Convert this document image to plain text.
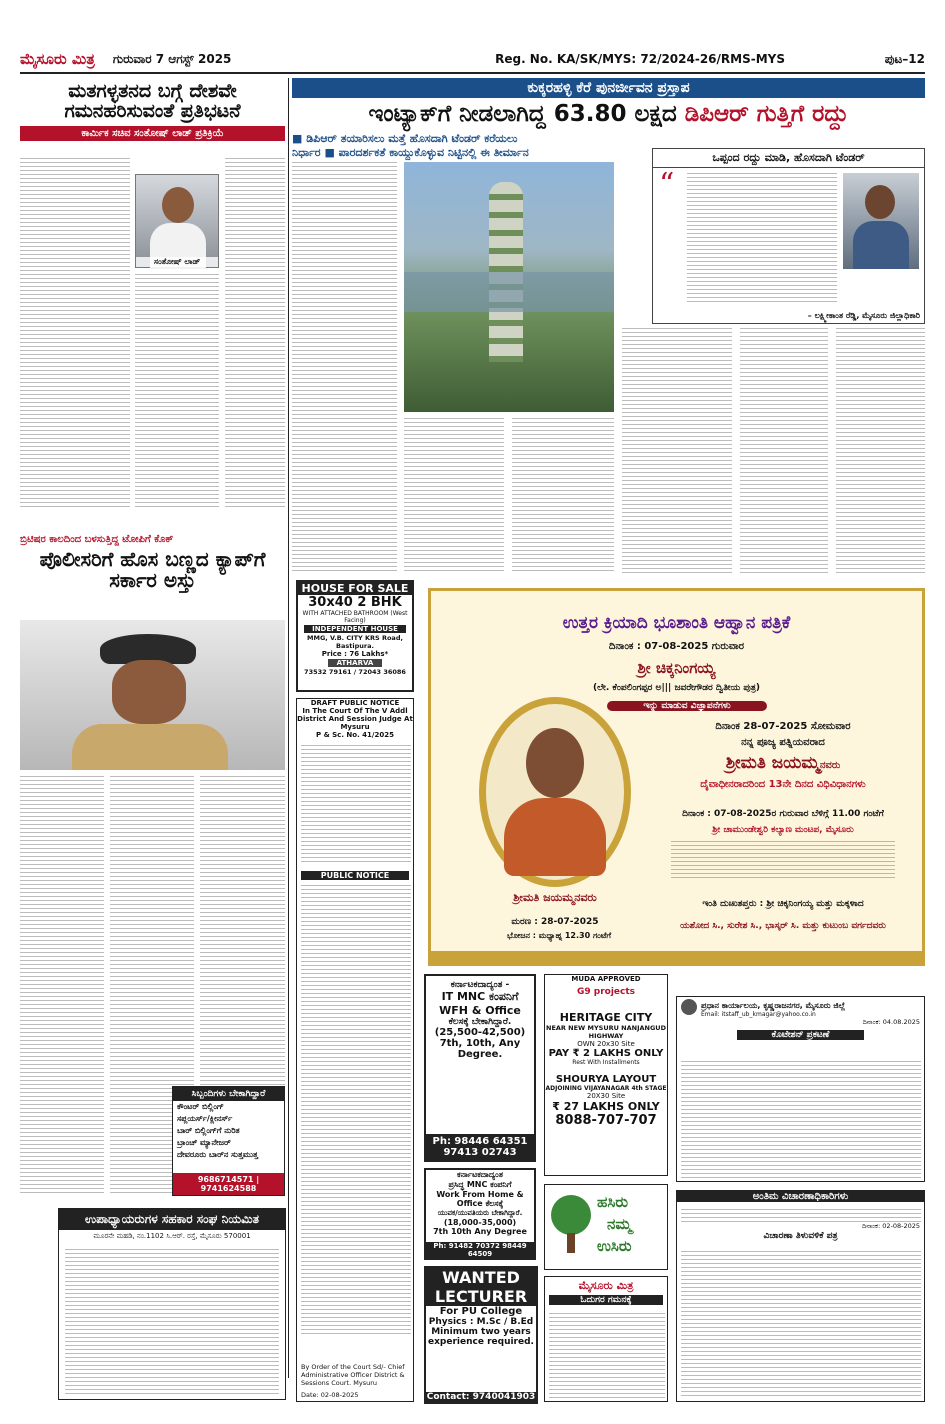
ಮೈಸೂರು ಮಿತ್ರ ಗುರುವಾರ 7 ಆಗಸ್ಟ್ 2025	Reg. No. KA/SK/MYS: 72/2024-26/RMS-MYS	ಪುಟ–12
ಮತಗಳ್ಳತನದ ಬಗ್ಗೆ ದೇಶವೇ ಗಮನಹರಿಸುವಂತೆ ಪ್ರತಿಭಟನೆ
ಕಾರ್ಮಿಕ ಸಚಿವ ಸಂತೋಷ್ ಲಾಡ್ ಪ್ರತಿಕ್ರಿಯೆ
ಸಂತೋಷ್ ಲಾಡ್
ಕುಕ್ಕರಹಳ್ಳಿ ಕೆರೆ ಪುನರ್ಜೀವನ ಪ್ರಸ್ತಾಪ
ಇಂಟ್ಯಾಕ್‌ಗೆ ನೀಡಲಾಗಿದ್ದ 63.80 ಲಕ್ಷದ ಡಿಪಿಆರ್ ಗುತ್ತಿಗೆ ರದ್ದು
■ ಡಿಪಿಆರ್ ತಯಾರಿಸಲು ಮತ್ತೆ ಹೊಸದಾಗಿ ಟೆಂಡರ್ ಕರೆಯಲು
ನಿರ್ಧಾರ ■ ಪಾರದರ್ಶಕತೆ ಕಾಯ್ದುಕೊಳ್ಳುವ ನಿಟ್ಟಿನಲ್ಲಿ ಈ ತೀರ್ಮಾನ	ಒಪ್ಪಂದ ರದ್ದು ಮಾಡಿ, ಹೊಸದಾಗಿ ಟೆಂಡರ್
“
– ಲಕ್ಷ್ಮೀಕಾಂತ ರೆಡ್ಡಿ, ಮೈಸೂರು ಜಿಲ್ಲಾಧಿಕಾರಿ
ಬ್ರಿಟಿಷರ ಕಾಲದಿಂದ ಬಳಸುತ್ತಿದ್ದ ಟೋಪಿಗೆ ಕೊಕ್
ಪೊಲೀಸರಿಗೆ ಹೊಸ ಬಣ್ಣದ ಕ್ಯಾಪ್‌ಗೆ ಸರ್ಕಾರ ಅಸ್ತು
ಸಿಬ್ಬಂದಿಗಳು ಬೇಕಾಗಿದ್ದಾರೆ
ಕೌಂಟರ್ ಬಿಲ್ಲಿಂಗ್
ಸಪ್ಲಯರ್ಸ್/ಕ್ಲೀನರ್ಸ್
ಬಾರ್ ಬಿಲ್ಲಿಂಗ್‌ಗೆ ನುರಿತ
ಬ್ರಾಂಚ್ ಮ್ಯಾನೇಜರ್
ದೇವರೂರು ಬಾರ್‌ನ ಸುತ್ತಮುತ್ತ
9686714571 | 9741624588
ಉಪಾಧ್ಯಾಯರುಗಳ ಸಹಕಾರ ಸಂಘ ನಿಯಮಿತ
ಮೂರನೇ ಮಹಡಿ, ನಂ.1102 ಸಿ.ಆರ್. ರಸ್ತೆ, ಮೈಸೂರು 570001
HOUSE FOR SALE
30x40 2 BHK
WITH ATTACHED BATHROOM (West Facing)
INDEPENDENT HOUSE
MMG, V.B. CITY KRS Road, Bastipura.
Price : 76 Lakhs*
ATHARVA
73532 79161 / 72043 36086
DRAFT PUBLIC NOTICE
In The Court Of The V Addl District And Session Judge At Mysuru
P & Sc. No. 41/2025
PUBLIC NOTICE
By Order of the Court Sd/- Chief Administrative Officer District & Sessions Court. Mysuru
Date: 02-08-2025
ಉತ್ತರ ಕ್ರಿಯಾದಿ ಭೂಶಾಂತಿ ಆಹ್ವಾನ ಪತ್ರಿಕೆ
ದಿನಾಂಕ : 07-08-2025 ಗುರುವಾರ
ಶ್ರೀ ಚಿಕ್ಕನಿಂಗಯ್ಯ
(ಲೇ. ಕೆಂಪಲಿಂಗಪ್ಪರ ಅ||| ಜವರೇಗೌಡರ ದ್ವಿತೀಯ ಪುತ್ರ)
ಇನ್ನು ಮಾಡುವ ವಿಜ್ಞಾಪನೆಗಳು
ಶ್ರೀಮತಿ ಜಯಮ್ಮನವರು
ಮರಣ : 28-07-2025
ದಿನಾಂಕ 28-07-2025 ಸೋಮವಾರ
ನನ್ನ ಪೂಜ್ಯ ಪತ್ನಿಯವರಾದ
ಶ್ರೀಮತಿ ಜಯಮ್ಮನವರು
ದೈವಾಧೀನರಾದರಿಂದ 13ನೇ ದಿನದ ವಿಧಿವಿಧಾನಗಳು
ದಿನಾಂಕ : 07-08-2025ರ ಗುರುವಾರ ಬೆಳಿಗ್ಗೆ 11.00 ಗಂಟೆಗೆ
ಶ್ರೀ ಚಾಮುಂಡೇಶ್ವರಿ ಕಲ್ಯಾಣ ಮಂಟಪ, ಮೈಸೂರು
ಇಂತಿ ದುಃಖತಪ್ತರು : ಶ್ರೀ ಚಿಕ್ಕನಿಂಗಯ್ಯ ಮತ್ತು ಮಕ್ಕಳಾದ
ಭೋಜನ : ಮಧ್ಯಾಹ್ನ 12.30 ಗಂಟೆಗೆ
ಯಶೋದ ಸಿ., ಸುರೇಶ ಸಿ., ಭಾಸ್ಕರ್ ಸಿ. ಮತ್ತು ಕುಟುಂಬ ವರ್ಗದವರು
ಕರ್ನಾಟಕದಾದ್ಯಂತ -
IT MNC ಕಂಪನಿಗೆ
WFH & Office
ಕೆಲಸಕ್ಕೆ ಬೇಕಾಗಿದ್ದಾರೆ.
(25,500-42,500)
7th, 10th, Any Degree.
Ph: 98446 64351 97413 02743
ಕರ್ನಾಟಕದಾದ್ಯಂತ
ಪ್ರಸಿದ್ಧ MNC ಕಂಪನಿಗೆ
Work From Home & Office ಕೆಲಸಕ್ಕೆ
ಯುವಕ/ಯುವತಿಯರು ಬೇಕಾಗಿದ್ದಾರೆ.
(18,000-35,000)
7th 10th Any Degree
Ph: 91482 70372 98449 64509
WANTED
LECTURER
For PU College
Physics : M.Sc / B.Ed
Minimum two years experience required.
Contact: 9740041903
MUDA APPROVED
G9 projects
HERITAGE CITY
NEAR NEW MYSURU NANJANGUD HIGHWAY
OWN 20x30 Site
PAY ₹ 2 LAKHS ONLY
Rest With Installments
SHOURYA LAYOUT
ADJOINING VIJAYANAGAR 4th STAGE
20X30 Site
₹ 27 LAKHS ONLY
8088-707-707
ಹಸಿರು
ನಮ್ಮ
ಉಸಿರು
ಮೈಸೂರು ಮಿತ್ರ
ಓದುಗರ ಗಮನಕ್ಕೆ
ಪ್ರಧಾನ ಕಾರ್ಯಾಲಯ, ಕೃಷ್ಣರಾಜನಗರ, ಮೈಸೂರು ಜಿಲ್ಲೆ
Email: itstaff_ub_kmagar@yahoo.co.in
ದಿನಾಂಕ: 04.08.2025
ಕೊಟೇಶನ್ ಪ್ರಕಟಣೆ
ಅಂತಿಮ ವಿಚಾರಣಾಧಿಕಾರಿಗಳು
ದಿನಾಂಕ: 02-08-2025
ವಿಚಾರಣಾ ತಿಳುವಳಿಕೆ ಪತ್ರ
